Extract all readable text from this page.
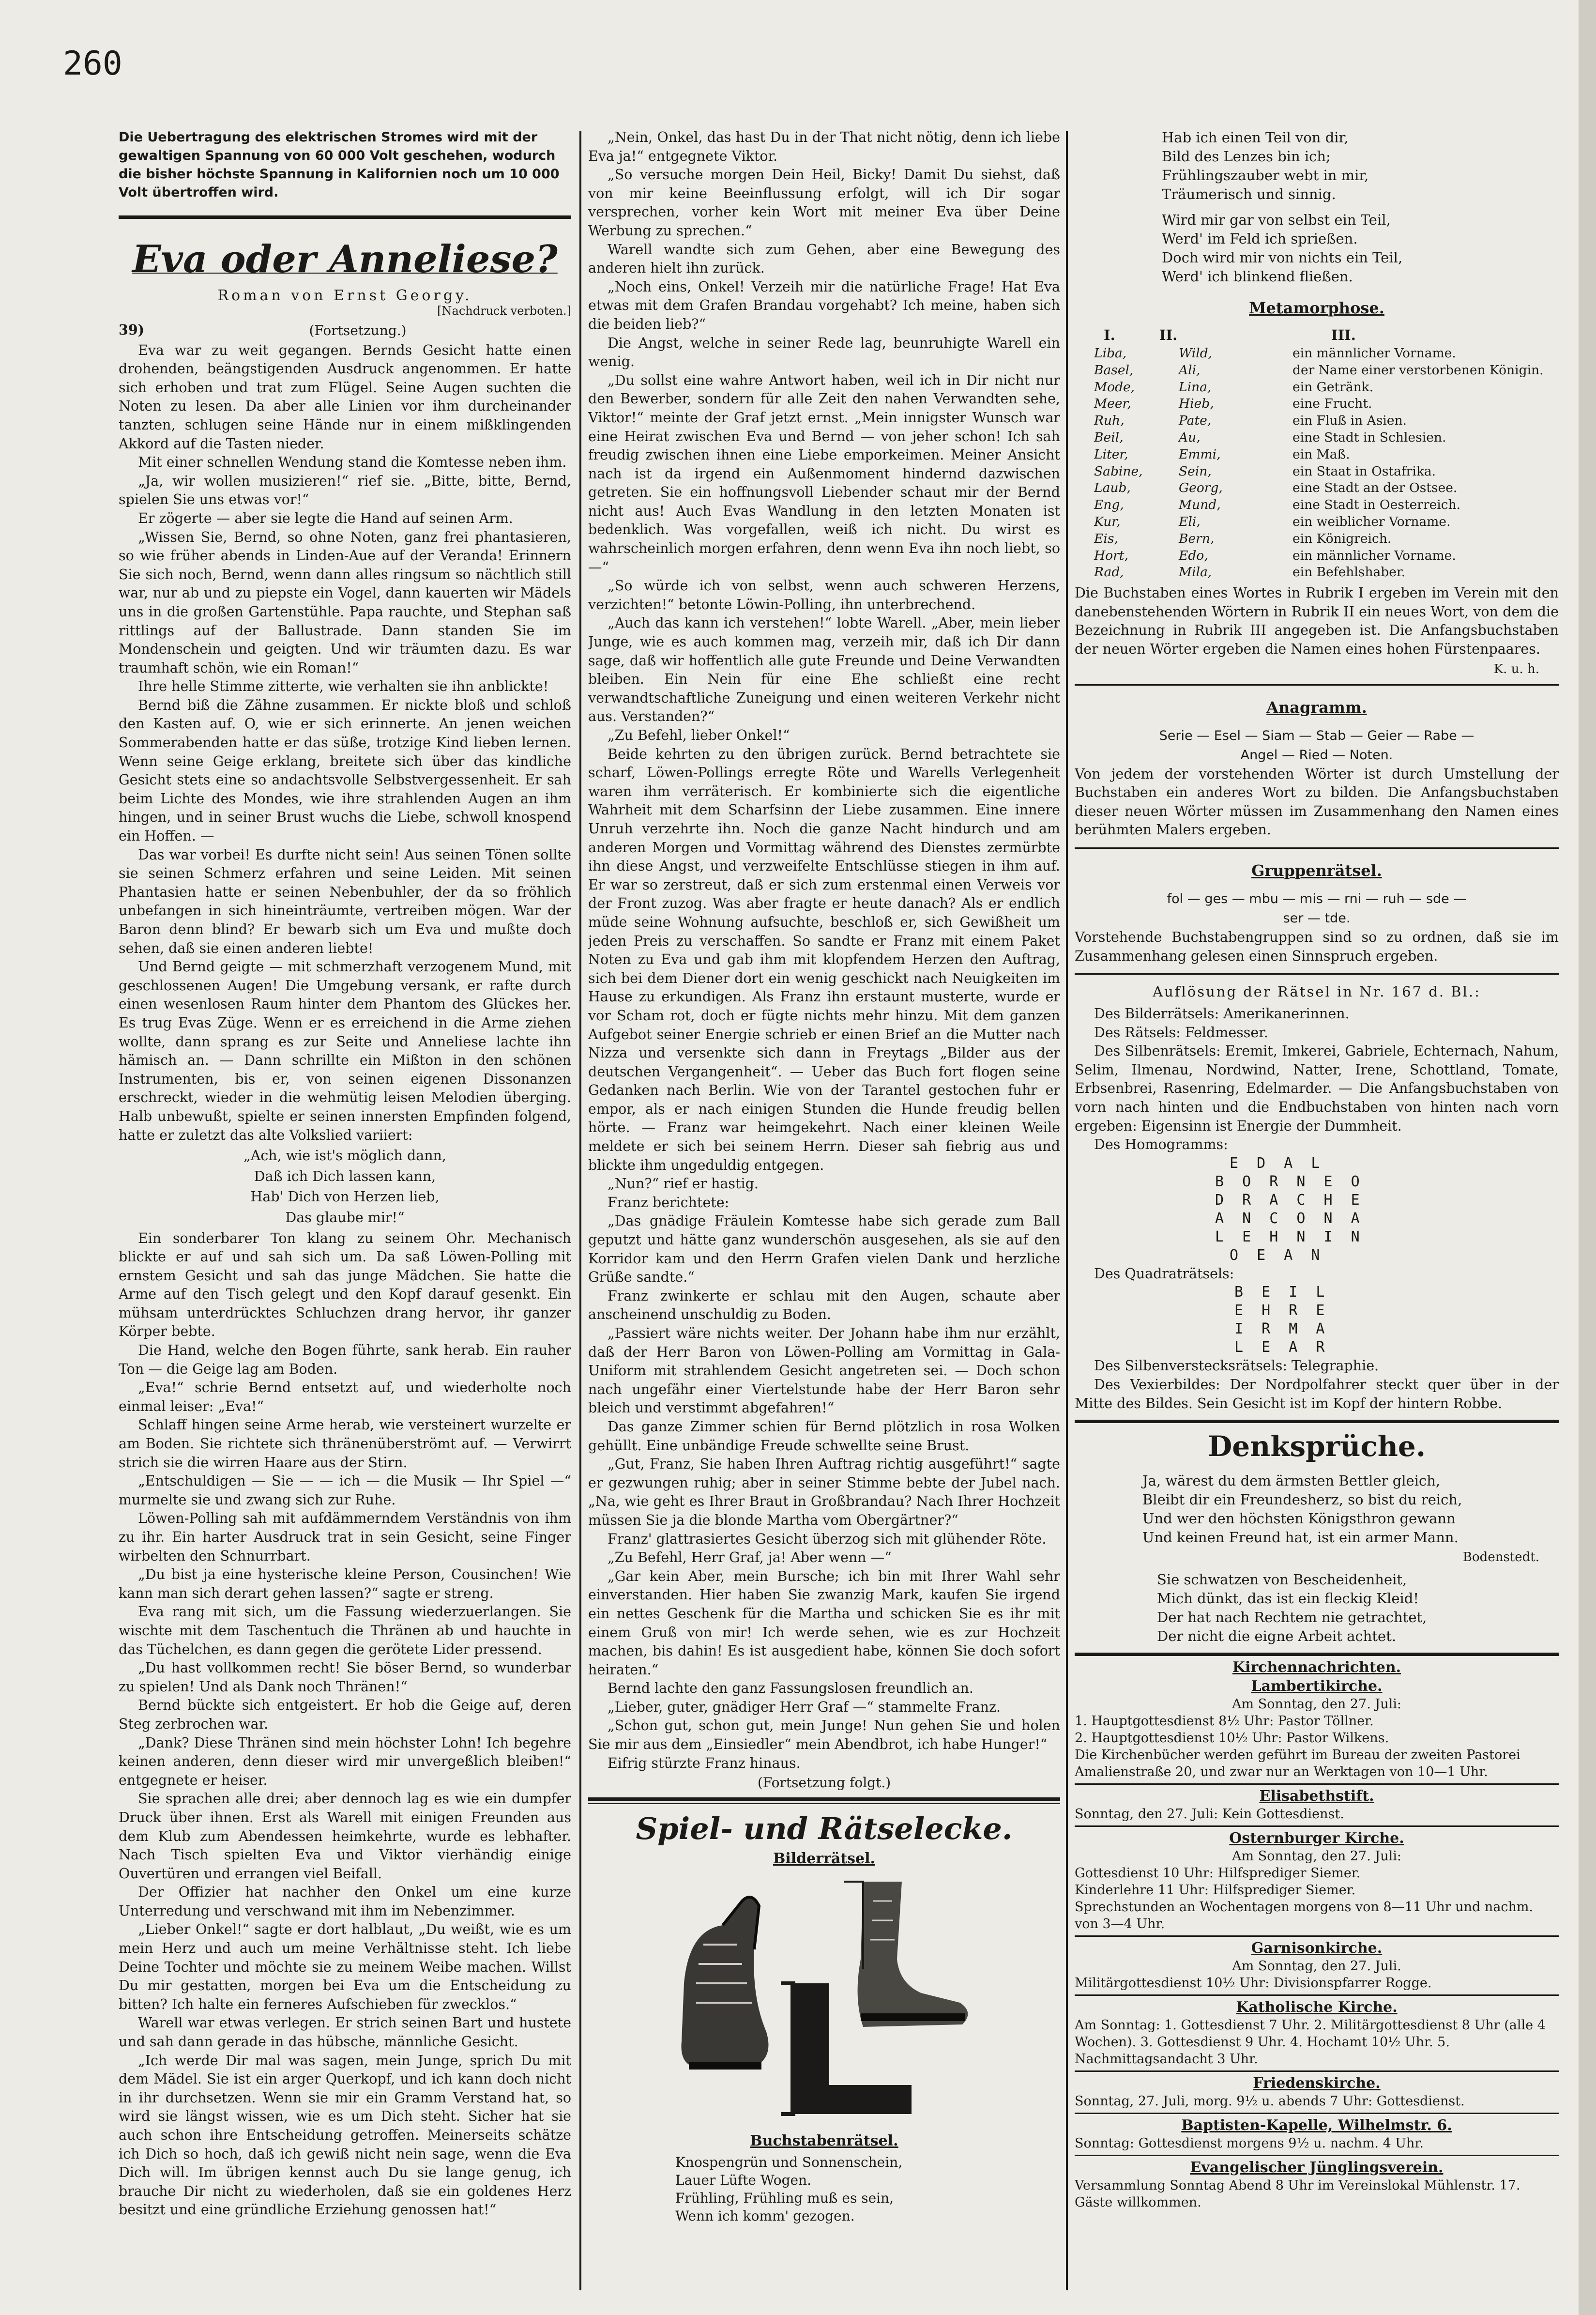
260

Die Uebertragung des elektrischen Stromes wird mit der gewaltigen Spannung von 60 000 Volt geschehen, wodurch die bisher höchste Spannung in Kalifornien noch um 10 000 Volt übertroffen wird.

Eva oder Anneliese?
Roman von Ernst Georgy.
[Nachdruck verboten.]
39)	(Fortsetzung.)

Eva war zu weit gegangen. Bernds Gesicht hatte einen drohenden, beängstigenden Ausdruck angenommen. Er hatte sich erhoben und trat zum Flügel. Seine Augen suchten die Noten zu lesen. Da aber alle Linien vor ihm durcheinander tanzten, schlugen seine Hände nur in einem mißklingenden Akkord auf die Tasten nieder.

Mit einer schnellen Wendung stand die Komtesse neben ihm.

„Ja, wir wollen musizieren!“ rief sie. „Bitte, bitte, Bernd, spielen Sie uns etwas vor!“

Er zögerte — aber sie legte die Hand auf seinen Arm.

„Wissen Sie, Bernd, so ohne Noten, ganz frei phantasieren, so wie früher abends in Linden-Aue auf der Veranda! Erinnern Sie sich noch, Bernd, wenn dann alles ringsum so nächtlich still war, nur ab und zu piepste ein Vogel, dann kauerten wir Mädels uns in die großen Gartenstühle. Papa rauchte, und Stephan saß rittlings auf der Ballustrade. Dann standen Sie im Mondenschein und geigten. Und wir träumten dazu. Es war traumhaft schön, wie ein Roman!“

Ihre helle Stimme zitterte, wie verhalten sie ihn anblickte!

Bernd biß die Zähne zusammen. Er nickte bloß und schloß den Kasten auf. O, wie er sich erinnerte. An jenen weichen Sommerabenden hatte er das süße, trotzige Kind lieben lernen. Wenn seine Geige erklang, breitete sich über das kindliche Gesicht stets eine so andachtsvolle Selbstvergessenheit. Er sah beim Lichte des Mondes, wie ihre strahlenden Augen an ihm hingen, und in seiner Brust wuchs die Liebe, schwoll knospend ein Hoffen. —

Das war vorbei! Es durfte nicht sein! Aus seinen Tönen sollte sie seinen Schmerz erfahren und seine Leiden. Mit seinen Phantasien hatte er seinen Nebenbuhler, der da so fröhlich unbefangen in sich hineinträumte, vertreiben mögen. War der Baron denn blind? Er bewarb sich um Eva und mußte doch sehen, daß sie einen anderen liebte!

Und Bernd geigte — mit schmerzhaft verzogenem Mund, mit geschlossenen Augen! Die Umgebung versank, er rafte durch einen wesenlosen Raum hinter dem Phantom des Glückes her. Es trug Evas Züge. Wenn er es erreichend in die Arme ziehen wollte, dann sprang es zur Seite und Anneliese lachte ihn hämisch an. — Dann schrillte ein Mißton in den schönen Instrumenten, bis er, von seinen eigenen Dissonanzen erschreckt, wieder in die wehmütig leisen Melodien überging. Halb unbewußt, spielte er seinen innersten Empfinden folgend, hatte er zuletzt das alte Volkslied variiert:

„Ach, wie ist's möglich dann,
Daß ich Dich lassen kann,
Hab' Dich von Herzen lieb,
Das glaube mir!“

Ein sonderbarer Ton klang zu seinem Ohr. Mechanisch blickte er auf und sah sich um. Da saß Löwen-Polling mit ernstem Gesicht und sah das junge Mädchen. Sie hatte die Arme auf den Tisch gelegt und den Kopf darauf gesenkt. Ein mühsam unterdrücktes Schluchzen drang hervor, ihr ganzer Körper bebte.

Die Hand, welche den Bogen führte, sank herab. Ein rauher Ton — die Geige lag am Boden.

„Eva!“ schrie Bernd entsetzt auf, und wiederholte noch einmal leiser: „Eva!“

Schlaff hingen seine Arme herab, wie versteinert wurzelte er am Boden. Sie richtete sich thränenüberströmt auf. — Verwirrt strich sie die wirren Haare aus der Stirn.

„Entschuldigen — Sie — — ich — die Musik — Ihr Spiel —“ murmelte sie und zwang sich zur Ruhe.

Löwen-Polling sah mit aufdämmerndem Verständnis von ihm zu ihr. Ein harter Ausdruck trat in sein Gesicht, seine Finger wirbelten den Schnurrbart.

„Du bist ja eine hysterische kleine Person, Cousinchen! Wie kann man sich derart gehen lassen?“ sagte er streng.

Eva rang mit sich, um die Fassung wiederzuerlangen. Sie wischte mit dem Taschentuch die Thränen ab und hauchte in das Tüchelchen, es dann gegen die gerötete Lider pressend.

„Du hast vollkommen recht! Sie böser Bernd, so wunderbar zu spielen! Und als Dank noch Thränen!“

Bernd bückte sich entgeistert. Er hob die Geige auf, deren Steg zerbrochen war.

„Dank? Diese Thränen sind mein höchster Lohn! Ich begehre keinen anderen, denn dieser wird mir unvergeßlich bleiben!“ entgegnete er heiser.

Sie sprachen alle drei; aber dennoch lag es wie ein dumpfer Druck über ihnen. Erst als Warell mit einigen Freunden aus dem Klub zum Abendessen heimkehrte, wurde es lebhafter. Nach Tisch spielten Eva und Viktor vierhändig einige Ouvertüren und errangen viel Beifall.

Der Offizier hat nachher den Onkel um eine kurze Unterredung und verschwand mit ihm im Nebenzimmer.

„Lieber Onkel!“ sagte er dort halblaut, „Du weißt, wie es um mein Herz und auch um meine Verhältnisse steht. Ich liebe Deine Tochter und möchte sie zu meinem Weibe machen. Willst Du mir gestatten, morgen bei Eva um die Entscheidung zu bitten? Ich halte ein ferneres Aufschieben für zwecklos.“

Warell war etwas verlegen. Er strich seinen Bart und hustete und sah dann gerade in das hübsche, männliche Gesicht.

„Ich werde Dir mal was sagen, mein Junge, sprich Du mit dem Mädel. Sie ist ein arger Querkopf, und ich kann doch nicht in ihr durchsetzen. Wenn sie mir ein Gramm Verstand hat, so wird sie längst wissen, wie es um Dich steht. Sicher hat sie auch schon ihre Entscheidung getroffen. Meinerseits schätze ich Dich so hoch, daß ich gewiß nicht nein sage, wenn die Eva Dich will. Im übrigen kennst auch Du sie lange genug, ich brauche Dir nicht zu wiederholen, daß sie ein goldenes Herz besitzt und eine gründliche Erziehung genossen hat!“

„Nein, Onkel, das hast Du in der That nicht nötig, denn ich liebe Eva ja!“ entgegnete Viktor.

„So versuche morgen Dein Heil, Bicky! Damit Du siehst, daß von mir keine Beeinflussung erfolgt, will ich Dir sogar versprechen, vorher kein Wort mit meiner Eva über Deine Werbung zu sprechen.“

Warell wandte sich zum Gehen, aber eine Bewegung des anderen hielt ihn zurück.

„Noch eins, Onkel! Verzeih mir die natürliche Frage! Hat Eva etwas mit dem Grafen Brandau vorgehabt? Ich meine, haben sich die beiden lieb?“

Die Angst, welche in seiner Rede lag, beunruhigte Warell ein wenig.

„Du sollst eine wahre Antwort haben, weil ich in Dir nicht nur den Bewerber, sondern für alle Zeit den nahen Verwandten sehe, Viktor!“ meinte der Graf jetzt ernst. „Mein innigster Wunsch war eine Heirat zwischen Eva und Bernd — von jeher schon! Ich sah freudig zwischen ihnen eine Liebe emporkeimen. Meiner Ansicht nach ist da irgend ein Außenmoment hindernd dazwischen getreten. Sie ein hoffnungsvoll Liebender schaut mir der Bernd nicht aus! Auch Evas Wandlung in den letzten Monaten ist bedenklich. Was vorgefallen, weiß ich nicht. Du wirst es wahrscheinlich morgen erfahren, denn wenn Eva ihn noch liebt, so —“

„So würde ich von selbst, wenn auch schweren Herzens, verzichten!“ betonte Löwin-Polling, ihn unterbrechend.

„Auch das kann ich verstehen!“ lobte Warell. „Aber, mein lieber Junge, wie es auch kommen mag, verzeih mir, daß ich Dir dann sage, daß wir hoffentlich alle gute Freunde und Deine Verwandten bleiben. Ein Nein für eine Ehe schließt eine recht verwandtschaftliche Zuneigung und einen weiteren Verkehr nicht aus. Verstanden?“

„Zu Befehl, lieber Onkel!“

Beide kehrten zu den übrigen zurück. Bernd betrachtete sie scharf, Löwen-Pollings erregte Röte und Warells Verlegenheit waren ihm verräterisch. Er kombinierte sich die eigentliche Wahrheit mit dem Scharfsinn der Liebe zusammen. Eine innere Unruh verzehrte ihn. Noch die ganze Nacht hindurch und am anderen Morgen und Vormittag während des Dienstes zermürbte ihn diese Angst, und verzweifelte Entschlüsse stiegen in ihm auf. Er war so zerstreut, daß er sich zum erstenmal einen Verweis vor der Front zuzog. Was aber fragte er heute danach? Als er endlich müde seine Wohnung aufsuchte, beschloß er, sich Gewißheit um jeden Preis zu verschaffen. So sandte er Franz mit einem Paket Noten zu Eva und gab ihm mit klopfendem Herzen den Auftrag, sich bei dem Diener dort ein wenig geschickt nach Neuigkeiten im Hause zu erkundigen. Als Franz ihn erstaunt musterte, wurde er vor Scham rot, doch er fügte nichts mehr hinzu. Mit dem ganzen Aufgebot seiner Energie schrieb er einen Brief an die Mutter nach Nizza und versenkte sich dann in Freytags „Bilder aus der deutschen Vergangenheit“. — Ueber das Buch fort flogen seine Gedanken nach Berlin. Wie von der Tarantel gestochen fuhr er empor, als er nach einigen Stunden die Hunde freudig bellen hörte. — Franz war heimgekehrt. Nach einer kleinen Weile meldete er sich bei seinem Herrn. Dieser sah fiebrig aus und blickte ihm ungeduldig entgegen.

„Nun?“ rief er hastig.

Franz berichtete:

„Das gnädige Fräulein Komtesse habe sich gerade zum Ball geputzt und hätte ganz wunderschön ausgesehen, als sie auf den Korridor kam und den Herrn Grafen vielen Dank und herzliche Grüße sandte.“

Franz zwinkerte er schlau mit den Augen, schaute aber anscheinend unschuldig zu Boden.

„Passiert wäre nichts weiter. Der Johann habe ihm nur erzählt, daß der Herr Baron von Löwen-Polling am Vormittag in Gala-Uniform mit strahlendem Gesicht angetreten sei. — Doch schon nach ungefähr einer Viertelstunde habe der Herr Baron sehr bleich und verstimmt abgefahren!“

Das ganze Zimmer schien für Bernd plötzlich in rosa Wolken gehüllt. Eine unbändige Freude schwellte seine Brust.

„Gut, Franz, Sie haben Ihren Auftrag richtig ausgeführt!“ sagte er gezwungen ruhig; aber in seiner Stimme bebte der Jubel nach. „Na, wie geht es Ihrer Braut in Großbrandau? Nach Ihrer Hochzeit müssen Sie ja die blonde Martha vom Obergärtner?“

Franz' glattrasiertes Gesicht überzog sich mit glühender Röte.

„Zu Befehl, Herr Graf, ja! Aber wenn —“

„Gar kein Aber, mein Bursche; ich bin mit Ihrer Wahl sehr einverstanden. Hier haben Sie zwanzig Mark, kaufen Sie irgend ein nettes Geschenk für die Martha und schicken Sie es ihr mit einem Gruß von mir! Ich werde sehen, wie es zur Hochzeit machen, bis dahin! Es ist ausgedient habe, können Sie doch sofort heiraten.“

Bernd lachte den ganz Fassungslosen freundlich an.

„Lieber, guter, gnädiger Herr Graf —“ stammelte Franz.

„Schon gut, schon gut, mein Junge! Nun gehen Sie und holen Sie mir aus dem „Einsiedler“ mein Abendbrot, ich habe Hunger!“

Eifrig stürzte Franz hinaus.

(Fortsetzung folgt.)
Spiel- und Rätselecke.
Bilderrätsel.
Buchstabenrätsel.
Knospengrün und Sonnenschein,
Lauer Lüfte Wogen.
Frühling, Frühling muß es sein,
Wenn ich komm' gezogen.
Hab ich einen Teil von dir,
Bild des Lenzes bin ich;
Frühlingszauber webt in mir,
Träumerisch und sinnig.
Wird mir gar von selbst ein Teil,
Werd' im Feld ich sprießen.
Doch wird mir von nichts ein Teil,
Werd' ich blinkend fließen.
Metamorphose.
I.	II.	III.
Liba,	Wild,	ein männlicher Vorname.
Basel,	Ali,	der Name einer verstorbenen Königin.
Mode,	Lina,	ein Getränk.
Meer,	Hieb,	eine Frucht.
Ruh,	Pate,	ein Fluß in Asien.
Beil,	Au,	eine Stadt in Schlesien.
Liter,	Emmi,	ein Maß.
Sabine,	Sein,	ein Staat in Ostafrika.
Laub,	Georg,	eine Stadt an der Ostsee.
Eng,	Mund,	eine Stadt in Oesterreich.
Kur,	Eli,	ein weiblicher Vorname.
Eis,	Bern,	ein Königreich.
Hort,	Edo,	ein männlicher Vorname.
Rad,	Mila,	ein Befehlshaber.

Die Buchstaben eines Wortes in Rubrik I ergeben im Verein mit den danebenstehenden Wörtern in Rubrik II ein neues Wort, von dem die Bezeichnung in Rubrik III angegeben ist. Die Anfangsbuchstaben der neuen Wörter ergeben die Namen eines hohen Fürstenpaares.

K. u. h.
Anagramm.
Serie — Esel — Siam — Stab — Geier — Rabe —
Angel — Ried — Noten.

Von jedem der vorstehenden Wörter ist durch Umstellung der Buchstaben ein anderes Wort zu bilden. Die Anfangsbuchstaben dieser neuen Wörter müssen im Zusammenhang den Namen eines berühmten Malers ergeben.

Gruppenrätsel.
fol — ges — mbu — mis — rni — ruh — sde —
ser — tde.

Vorstehende Buchstabengruppen sind so zu ordnen, daß sie im Zusammenhang gelesen einen Sinnspruch ergeben.

Auflösung der Rätsel in Nr. 167 d. Bl.:

Des Bilderrätsels: Amerikanerinnen.

Des Rätsels: Feldmesser.

Des Silbenrätsels: Eremit, Imkerei, Gabriele, Echternach, Nahum, Selim, Ilmenau, Nordwind, Natter, Irene, Schottland, Tomate, Erbsenbrei, Rasenring, Edelmarder. — Die Anfangsbuchstaben von vorn nach hinten und die Endbuchstaben von hinten nach vorn ergeben: Eigensinn ist Energie der Dummheit.

Des Homogramms:

E D A L
B O R N E O
D R A C H E
A N C O N A
L E H N I N
O E A N

Des Quadraträtsels:

B E I L
E H R E
I R M A
L E A R

Des Silbenverstecksrätsels: Telegraphie.

Des Vexierbildes: Der Nordpolfahrer steckt quer über in der Mitte des Bildes. Sein Gesicht ist im Kopf der hintern Robbe.

Denksprüche.
Ja, wärest du dem ärmsten Bettler gleich,
Bleibt dir ein Freundesherz, so bist du reich,
Und wer den höchsten Königsthron gewann
Und keinen Freund hat, ist ein armer Mann.
Bodenstedt.
Sie schwatzen von Bescheidenheit,
Mich dünkt, das ist ein fleckig Kleid!
Der hat nach Rechtem nie getrachtet,
Der nicht die eigne Arbeit achtet.
Kirchennachrichten.
Lambertikirche.

Am Sonntag, den 27. Juli:

1. Hauptgottesdienst 8½ Uhr: Pastor Töllner.

2. Hauptgottesdienst 10½ Uhr: Pastor Wilkens.

Die Kirchenbücher werden geführt im Bureau der zweiten Pastorei Amalienstraße 20, und zwar nur an Werktagen von 10—1 Uhr.

Elisabethstift.

Sonntag, den 27. Juli: Kein Gottesdienst.

Osternburger Kirche.

Am Sonntag, den 27. Juli:

Gottesdienst 10 Uhr: Hilfsprediger Siemer.

Kinderlehre 11 Uhr: Hilfsprediger Siemer.

Sprechstunden an Wochentagen morgens von 8—11 Uhr und nachm. von 3—4 Uhr.

Garnisonkirche.

Am Sonntag, den 27. Juli.

Militärgottesdienst 10½ Uhr: Divisionspfarrer Rogge.

Katholische Kirche.

Am Sonntag: 1. Gottesdienst 7 Uhr. 2. Militärgottesdienst 8 Uhr (alle 4 Wochen). 3. Gottesdienst 9 Uhr. 4. Hochamt 10½ Uhr. 5. Nachmittagsandacht 3 Uhr.

Friedenskirche.

Sonntag, 27. Juli, morg. 9½ u. abends 7 Uhr: Gottesdienst.

Baptisten-Kapelle, Wilhelmstr. 6.

Sonntag: Gottesdienst morgens 9½ u. nachm. 4 Uhr.

Evangelischer Jünglingsverein.

Versammlung Sonntag Abend 8 Uhr im Vereinslokal Mühlenstr. 17. Gäste willkommen.
